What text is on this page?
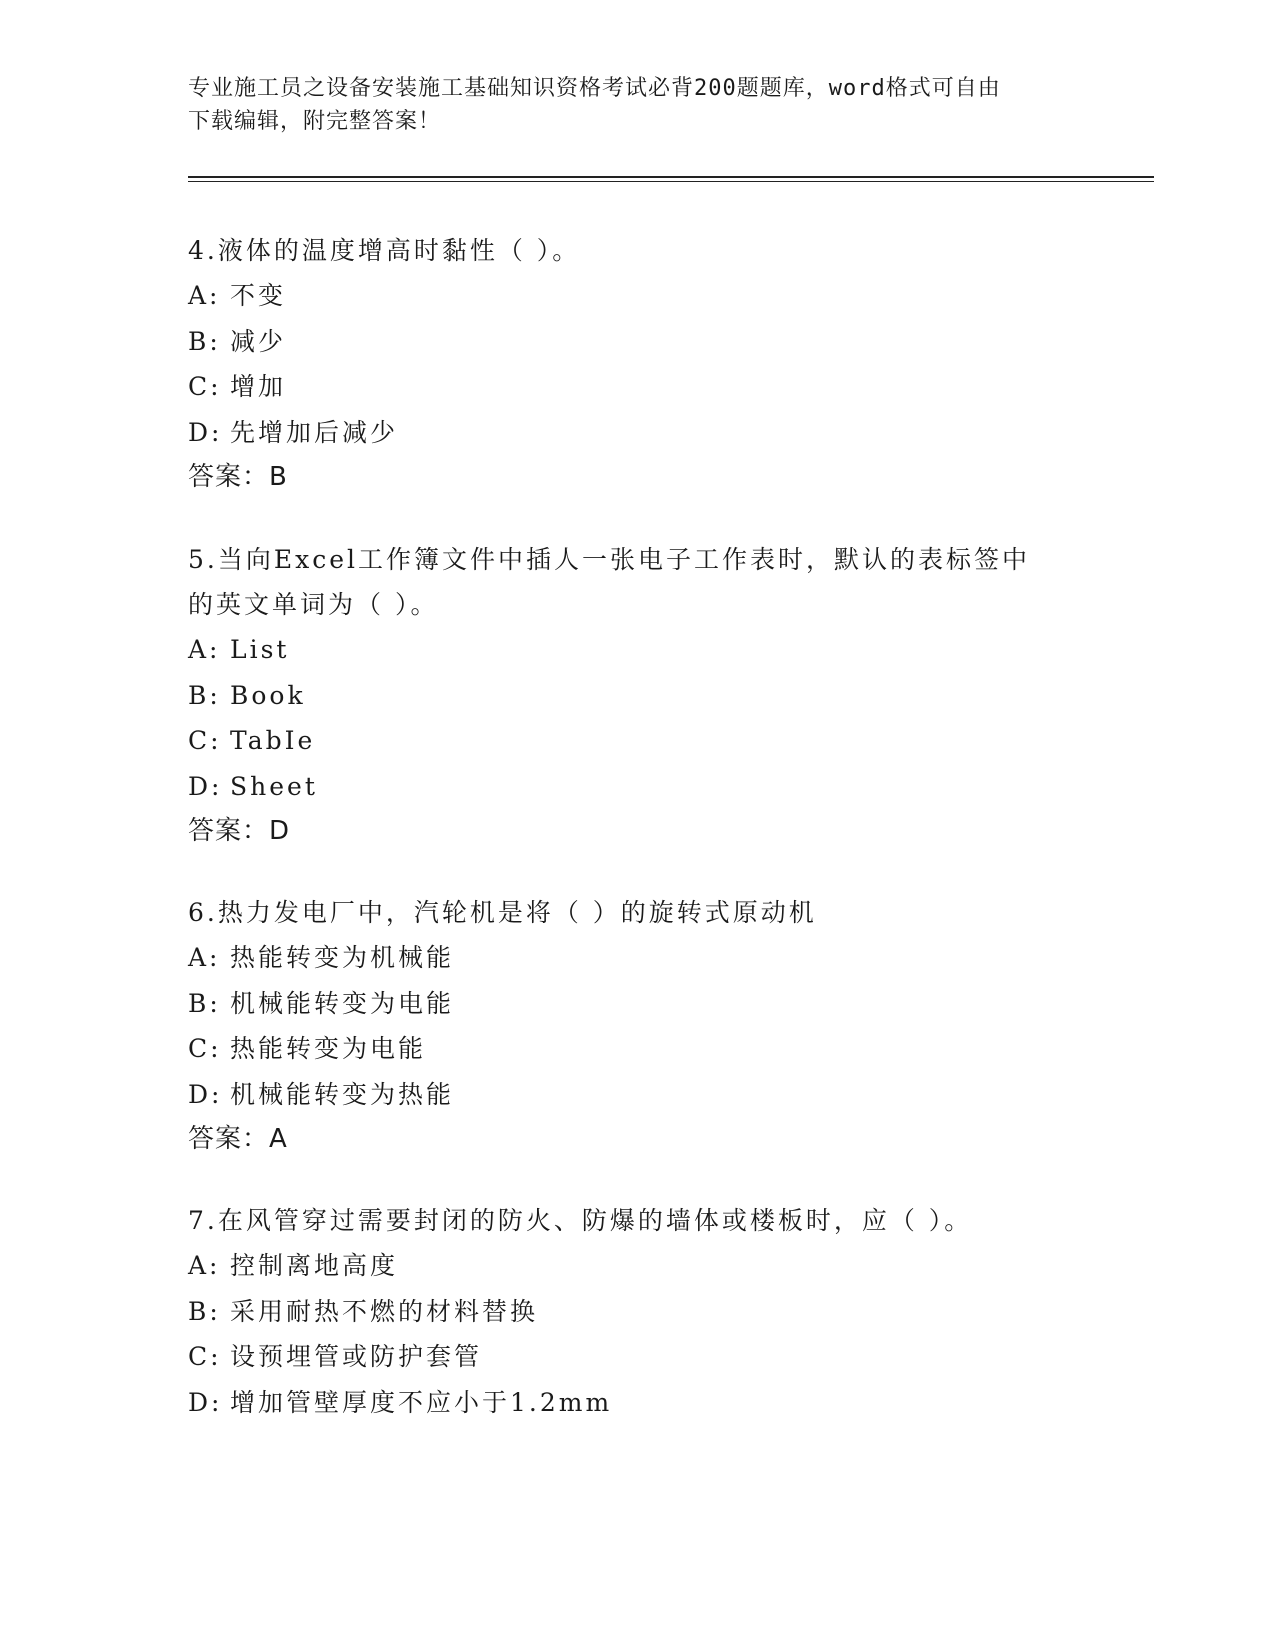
专业施工员之设备安装施工基础知识资格考试必背200题题库，word格式可自由
下载编辑，附完整答案！
4.液体的温度增高时黏性（ ）。
A: 不变
B: 减少
C: 增加
D: 先增加后减少
答案：B
5.当向Excel工作簿文件中插人一张电子工作表时，默认的表标签中
的英文单词为（ ）。
A: List
B: Book
C: TabIe
D: Sheet
答案：D
6.热力发电厂中，汽轮机是将（ ）的旋转式原动机
A: 热能转变为机械能
B: 机械能转变为电能
C: 热能转变为电能
D: 机械能转变为热能
答案：A
7.在风管穿过需要封闭的防火、防爆的墙体或楼板时，应（ ）。
A: 控制离地高度
B: 采用耐热不燃的材料替换
C: 设预埋管或防护套管
D: 增加管壁厚度不应小于1.2mm
